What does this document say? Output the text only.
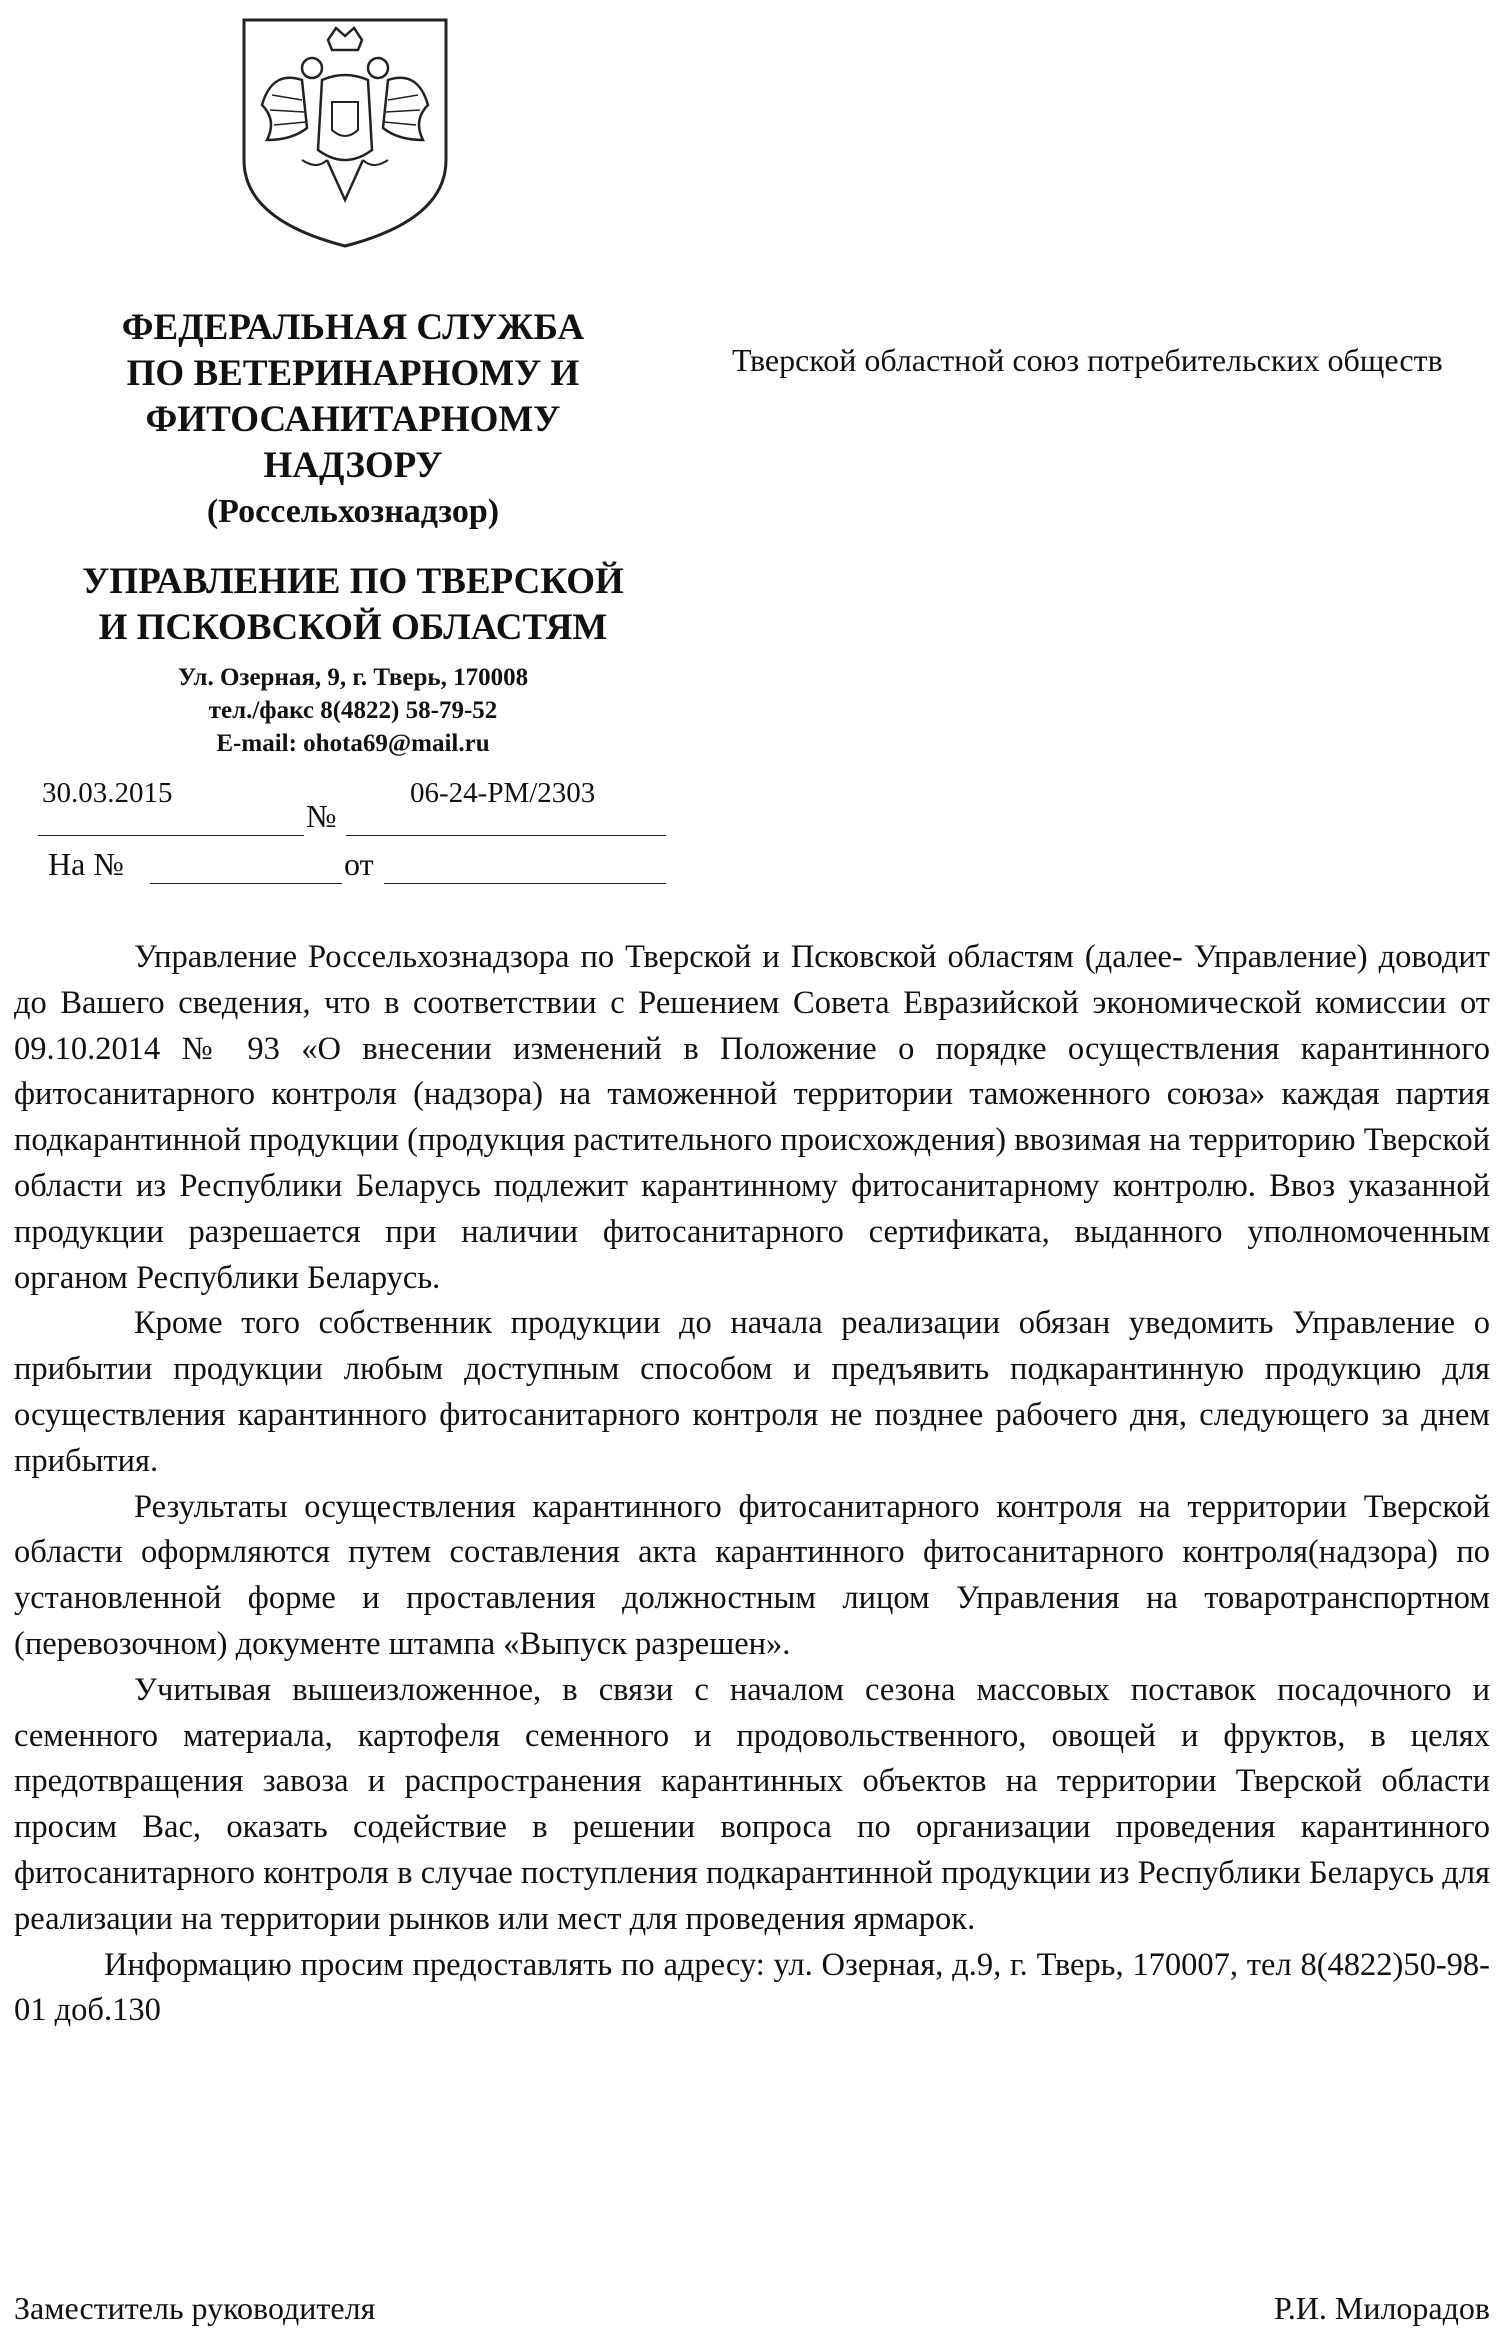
ФЕДЕРАЛЬНАЯ СЛУЖБА
ПО ВЕТЕРИНАРНОМУ И
ФИТОСАНИТАРНОМУ
НАДЗОРУ
(Россельхознадзор)
УПРАВЛЕНИЕ ПО ТВЕРСКОЙ
И ПСКОВСКОЙ ОБЛАСТЯМ
Ул. Озерная, 9, г. Тверь, 170008
тел./факс 8(4822) 58-79-52
E-mail: ohota69@mail.ru
30.03.2015	06-24-РМ/2303
№
На №	от
Тверской областной союз потребительских обществ

Управление Россельхознадзора по Тверской и Псковской областям (далее- Управление) доводит до Вашего сведения, что в соответствии с Решением Совета Евразийской экономической комиссии от 09.10.2014 № 93 «О внесении изменений в Положение о порядке осуществления карантинного фитосанитарного контроля (надзора) на таможенной территории таможенного союза» каждая партия подкарантинной продукции (продукция растительного происхождения) ввозимая на территорию Тверской области из Республики Беларусь подлежит карантинному фитосанитарному контролю. Ввоз указанной продукции разрешается при наличии фитосанитарного сертификата, выданного уполномоченным органом Республики Беларусь.

Кроме того собственник продукции до начала реализации обязан уведомить Управление о прибытии продукции любым доступным способом и предъявить подкарантинную продукцию для осуществления карантинного фитосанитарного контроля не позднее рабочего дня, следующего за днем прибытия.

Результаты осуществления карантинного фитосанитарного контроля на территории Тверской области оформляются путем составления акта карантинного фитосанитарного контроля(надзора) по установленной форме и проставления должностным лицом Управления на товаротранспортном (перевозочном) документе штампа «Выпуск разрешен».

Учитывая вышеизложенное, в связи с началом сезона массовых поставок посадочного и семенного материала, картофеля семенного и продовольственного, овощей и фруктов, в целях предотвращения завоза и распространения карантинных объектов на территории Тверской области просим Вас, оказать содействие в решении вопроса по организации проведения карантинного фитосанитарного контроля в случае поступления подкарантинной продукции из Республики Беларусь для реализации на территории рынков или мест для проведения ярмарок.

Информацию просим предоставлять по адресу: ул. Озерная, д.9, г. Тверь, 170007, тел 8(4822)50-98-01 доб.130

Заместитель руководителя	Р.И. Милорадов
